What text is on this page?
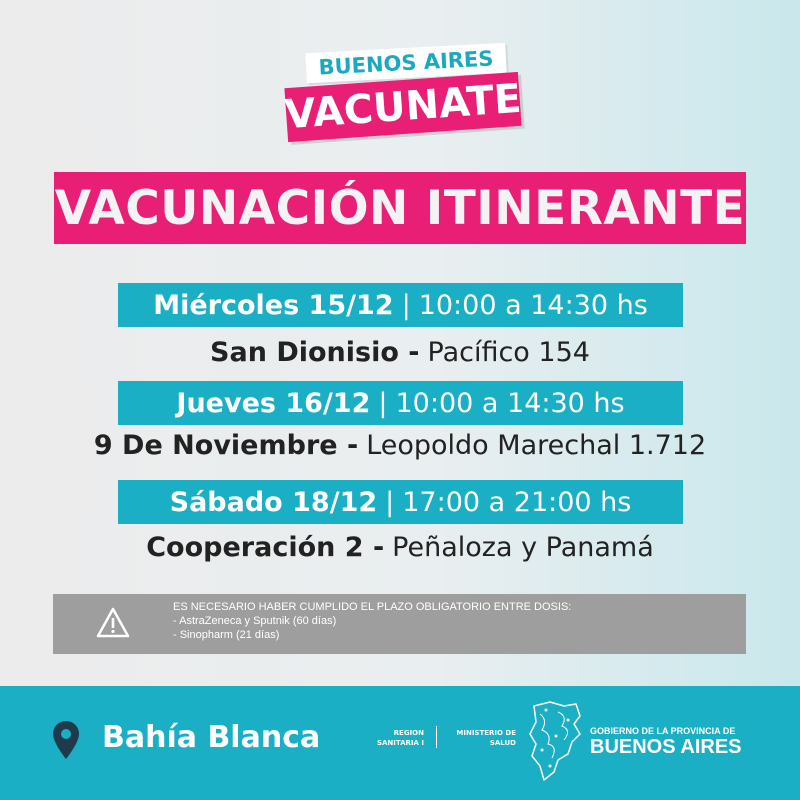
BUENOS AIRES
VACUNATE
VACUNACIÓN ITINERANTE
Miércoles 15/12 | 10:00 a 14:30 hs
San Dionisio - Pacífico 154
Jueves 16/12 | 10:00 a 14:30 hs
9 De Noviembre - Leopoldo Marechal 1.712
Sábado 18/12 | 17:00 a 21:00 hs
Cooperación 2 - Peñaloza y Panamá
ES NECESARIO HABER CUMPLIDO EL PLAZO OBLIGATORIO ENTRE DOSIS:
- AstraZeneca y Sputnik (60 días)
- Sinopharm (21 días)
Bahía Blanca	REGION
SANITARIA I
MINISTERIO DE
SALUD
GOBIERNO DE LA PROVINCIA DE
BUENOS AIRES
